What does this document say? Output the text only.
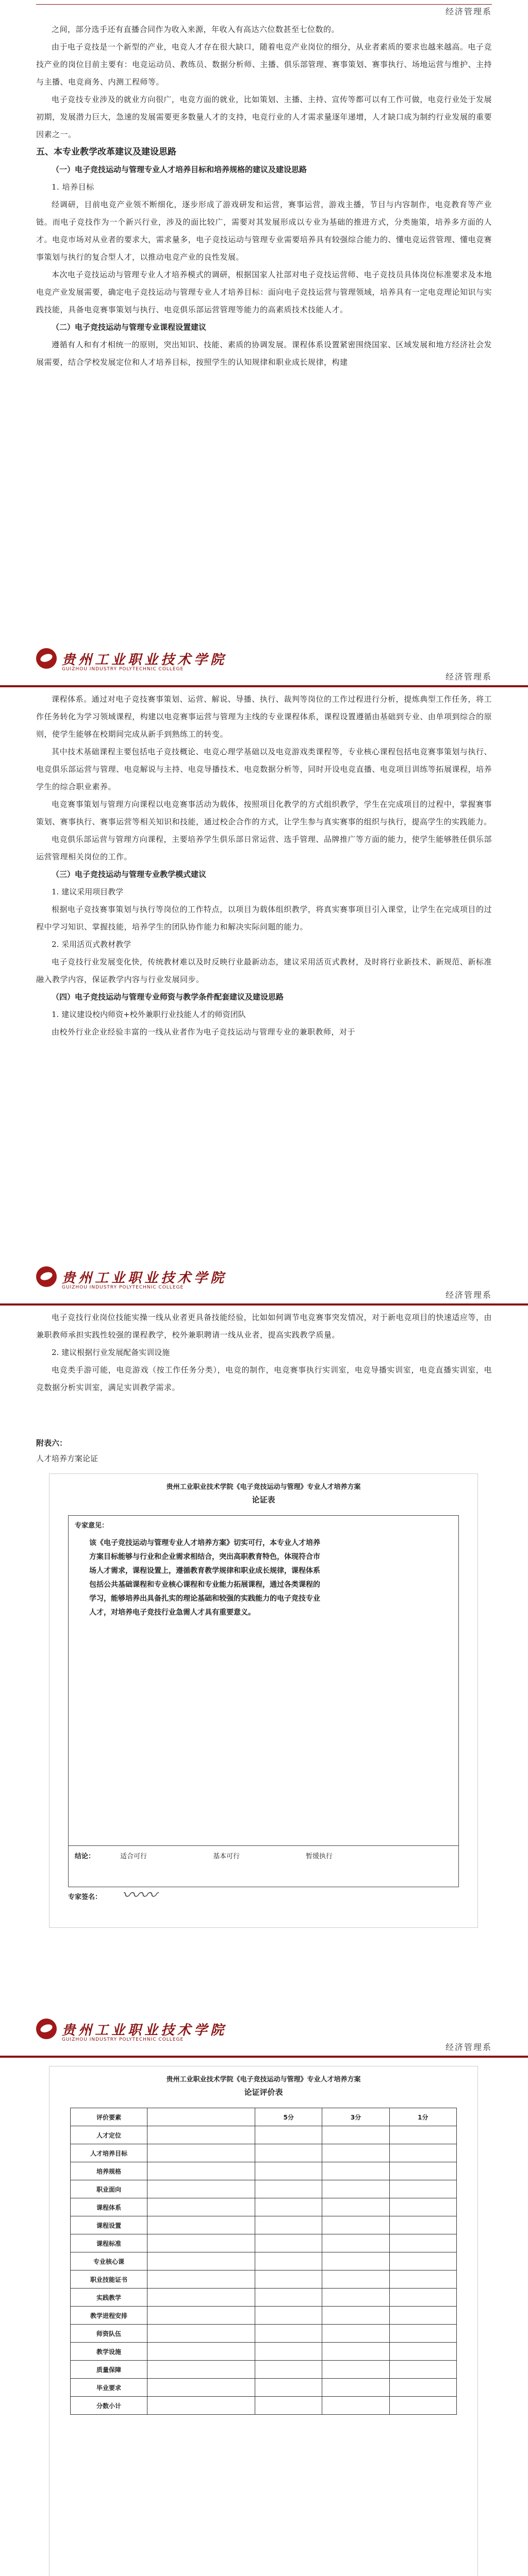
经济管理系

之间，部分选手还有直播合同作为收入来源，年收入有高达六位数甚至七位数的。

由于电子竞技是一个新型的产业，电竞人才存在很大缺口，随着电竞产业岗位的细分，从业者素质的要求也越来越高。电子竞技产业的岗位目前主要有：电竞运动员、教练员、数据分析师、主播、俱乐部管理、赛事策划、赛事执行、场地运营与维护、主持与主播、电竞商务、内测工程师等。

电子竞技专业涉及的就业方向很广，电竞方面的就业，比如策划、主播、主持、宣传等都可以有工作可做，电竞行业处于发展初期，发展潜力巨大，急速的发展需要更多数量人才的支持，电竞行业的人才需求量逐年递增，人才缺口成为制约行业发展的重要因素之一。

五、本专业教学改革建议及建设思路

（一）电子竞技运动与管理专业人才培养目标和培养规格的建议及建设思路

1. 培养目标

经调研，目前电竞产业领不断细化，逐步形成了游戏研发和运营，赛事运营，游戏主播，节目与内容制作，电竞教育等产业链。而电子竞技作为一个新兴行业，涉及的面比较广，需要对其发展形成以专业为基础的推进方式，分类施策，培养多方面的人才。电竞市场对从业者的要求大，需求量多，电子竞技运动与管理专业需要培养具有较强综合能力的、懂电竞运营管理、懂电竞赛事策划与执行的复合型人才，以推动电竞产业的良性发展。

本次电子竞技运动与管理专业人才培养模式的调研，根据国家人社部对电子竞技运营师、电子竞技员具体岗位标准要求及本地电竞产业发展需要，确定电子竞技运动与管理专业人才培养目标：面向电子竞技运营与管理领域，培养具有一定电竞理论知识与实践技能，具备电竞赛事策划与执行、电竞俱乐部运营管理等能力的高素质技术技能人才。

（二）电子竞技运动与管理专业课程设置建议

遵循有人和有才相统一的原则，突出知识、技能、素质的协调发展。课程体系设置紧密围绕国家、区域发展和地方经济社会发展需要，结合学校发展定位和人才培养目标，按照学生的认知规律和职业成长规律，构建

贵州工业职业技术学院
GUIZHOU INDUSTRY POLYTECHNIC COLLEGE
经济管理系

课程体系。通过对电子竞技赛事策划、运营、解说、导播、执行、裁判等岗位的工作过程进行分析，提炼典型工作任务，将工作任务转化为学习领域课程，构建以电竞赛事运营与管理为主线的专业课程体系，课程设置遵循由基础到专业、由单项到综合的原则，使学生能够在校期间完成从新手到熟练工的转变。

其中技术基础课程主要包括电子竞技概论、电竞心理学基础以及电竞游戏类课程等，专业核心课程包括电竞赛事策划与执行、电竞俱乐部运营与管理、电竞解说与主持、电竞导播技术、电竞数据分析等，同时开设电竞直播、电竞项目训练等拓展课程，培养学生的综合职业素养。

电竞赛事策划与管理方向课程以电竞赛事活动为载体，按照项目化教学的方式组织教学，学生在完成项目的过程中，掌握赛事策划、赛事执行、赛事运营等相关知识和技能，通过校企合作的方式，让学生参与真实赛事的组织与执行，提高学生的实践能力。

电竞俱乐部运营与管理方向课程，主要培养学生俱乐部日常运营、选手管理、品牌推广等方面的能力，使学生能够胜任俱乐部运营管理相关岗位的工作。

（三）电子竞技运动与管理专业教学模式建议

1. 建议采用项目教学

根据电子竞技赛事策划与执行等岗位的工作特点，以项目为载体组织教学，将真实赛事项目引入课堂，让学生在完成项目的过程中学习知识、掌握技能，培养学生的团队协作能力和解决实际问题的能力。

2. 采用活页式教材教学

电子竞技行业发展变化快，传统教材难以及时反映行业最新动态，建议采用活页式教材，及时将行业新技术、新规范、新标准融入教学内容，保证教学内容与行业发展同步。

（四）电子竞技运动与管理专业师资与教学条件配套建议及建设思路

1. 建议建设校内师资+校外兼职行业技能人才的师资团队

由校外行业企业经验丰富的一线从业者作为电子竞技运动与管理专业的兼职教师，对于

贵州工业职业技术学院
GUIZHOU INDUSTRY POLYTECHNIC COLLEGE
经济管理系

电子竞技行业岗位技能实操一线从业者更具备技能经验，比如如何调节电竞赛事突发情况，对于新电竞项目的快速适应等，由兼职教师承担实践性较强的课程教学，校外兼职聘请一线从业者，提高实践教学质量。

2. 建议根据行业发展配备实训设施

电竞类手游可能，电竞游戏（按工作任务分类），电竞的制作，电竞赛事执行实训室，电竞导播实训室，电竞直播实训室，电竞数据分析实训室，满足实训教学需求。

附表六：
人才培养方案论证
贵州工业职业技术学院《电子竞技运动与管理》专业人才培养方案
论证表
专家意见：
该《电子竞技运动与管理专业人才培养方案》切实可行，本专业人才培养方案目标能够与行业和企业需求相结合，突出高职教育特色，体现符合市场人才需求，课程设置上，遵循教育教学规律和职业成长规律，课程体系包括公共基础课程和专业核心课程和专业能力拓展课程，通过各类课程的学习，能够培养出具备扎实的理论基础和较强的实践能力的电子竞技专业人才，对培养电子竞技行业急需人才具有重要意义。
结论：	适合可行	基本可行	暂缓执行
专家签名： 〰〰
贵州工业职业技术学院
GUIZHOU INDUSTRY POLYTECHNIC COLLEGE
经济管理系
贵州工业职业技术学院《电子竞技运动与管理》专业人才培养方案
论证评价表
评价要素		5分	3分	1分
人才定位				
人才培养目标				
培养规格				
职业面向				
课程体系				
课程设置				
课程标准				
专业核心课				
职业技能证书				
实践教学				
教学进程安排				
师资队伍				
教学设施				
质量保障				
毕业要求				
分数小计				
